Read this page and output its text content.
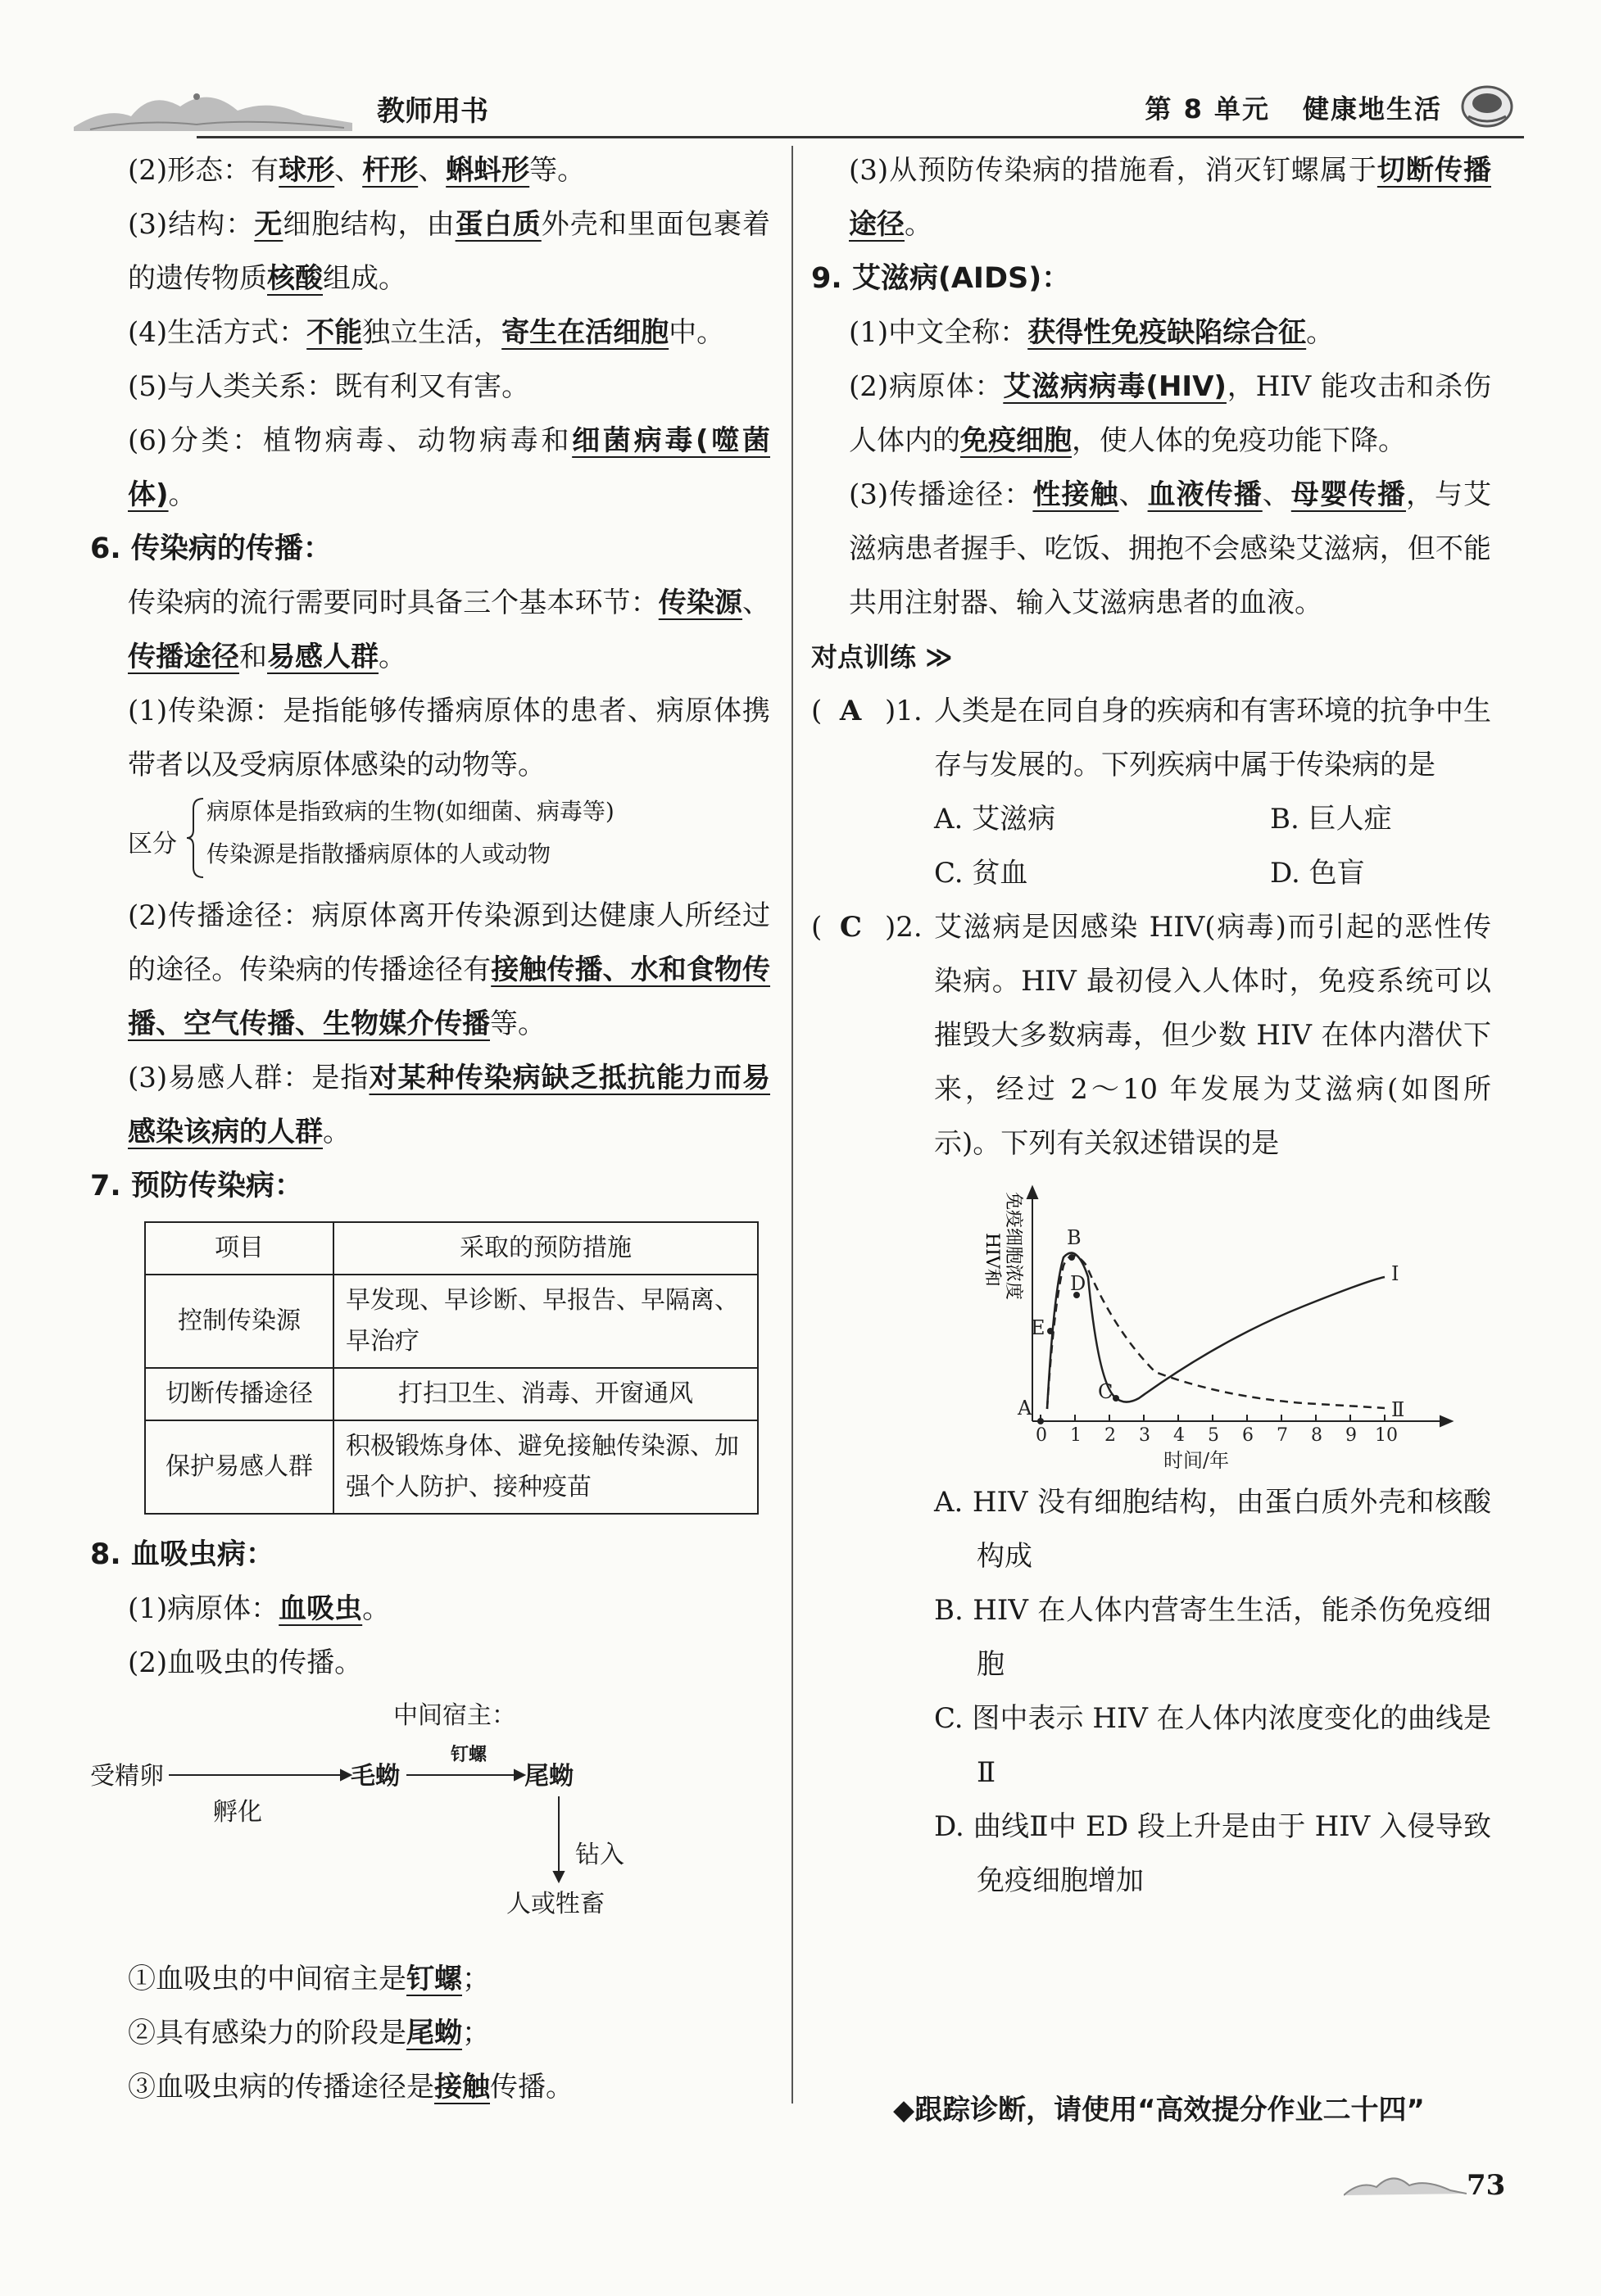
教师用书	第 8 单元 健康地生活

(2)形态：有球形、杆形、蝌蚪形等。

(3)结构：无细胞结构，由蛋白质外壳和里面包裹着的遗传物质核酸组成。

(4)生活方式：不能独立生活，寄生在活细胞中。

(5)与人类关系：既有利又有害。

(6)分类：植物病毒、动物病毒和细菌病毒(噬菌体)。

6. 传染病的传播：

传染病的流行需要同时具备三个基本环节：传染源、传播途径和易感人群。

(1)传染源：是指能够传播病原体的患者、病原体携带者以及受病原体感染的动物等。

区分
病原体是指致病的生物(如细菌、病毒等)
传染源是指散播病原体的人或动物

(2)传播途径：病原体离开传染源到达健康人所经过的途径。传染病的传播途径有接触传播、水和食物传播、空气传播、生物媒介传播等。

(3)易感人群：是指对某种传染病缺乏抵抗能力而易感染该病的人群。

7. 预防传染病：

项目	采取的预防措施
控制传染源	早发现、早诊断、早报告、早隔离、早治疗
切断传播途径	打扫卫生、消毒、开窗通风
保护易感人群	积极锻炼身体、避免接触传染源、加强个人防护、接种疫苗

8. 血吸虫病：

(1)病原体：血吸虫。

(2)血吸虫的传播。

中间宿主：
受精卵
孵化
毛蚴
钉螺
尾蚴
钻入
人或牲畜

①血吸虫的中间宿主是钉螺；

②具有感染力的阶段是尾蚴；

③血吸虫病的传播途径是接触传播。

(3)从预防传染病的措施看，消灭钉螺属于切断传播途径。

9. 艾滋病(AIDS)：

(1)中文全称：获得性免疫缺陷综合征。

(2)病原体：艾滋病病毒(HIV)，HIV 能攻击和杀伤人体内的免疫细胞，使人体的免疫功能下降。

(3)传播途径：性接触、血液传播、母婴传播，与艾滋病患者握手、吃饭、拥抱不会感染艾滋病，但不能共用注射器、输入艾滋病患者的血液。

对点训练 ≫
(  A )1. 人类是在同自身的疾病和有害环境的抗争中生存与发展的。下列疾病中属于传染病的是
A. 艾滋病	B. 巨人症
C. 贫血	D. 色盲
(  C )2. 艾滋病是因感染 HIV(病毒)而引起的恶性传染病。HIV 最初侵入人体时，免疫系统可以摧毁大多数病毒，但少数 HIV 在体内潜伏下来，经过 2～10 年发展为艾滋病(如图所示)。下列有关叙述错误的是
HIV和 免疫细胞浓度
0 1 2 3 4 5 6 7 8 9 10
A
B
C
D
E
Ⅰ
Ⅱ
时间/年
A. HIV 没有细胞结构，由蛋白质外壳和核酸构成
B. HIV 在人体内营寄生生活，能杀伤免疫细胞
C. 图中表示 HIV 在人体内浓度变化的曲线是Ⅱ
D. 曲线Ⅱ中 ED 段上升是由于 HIV 入侵导致免疫细胞增加
◆跟踪诊断，请使用“高效提分作业二十四”
73
